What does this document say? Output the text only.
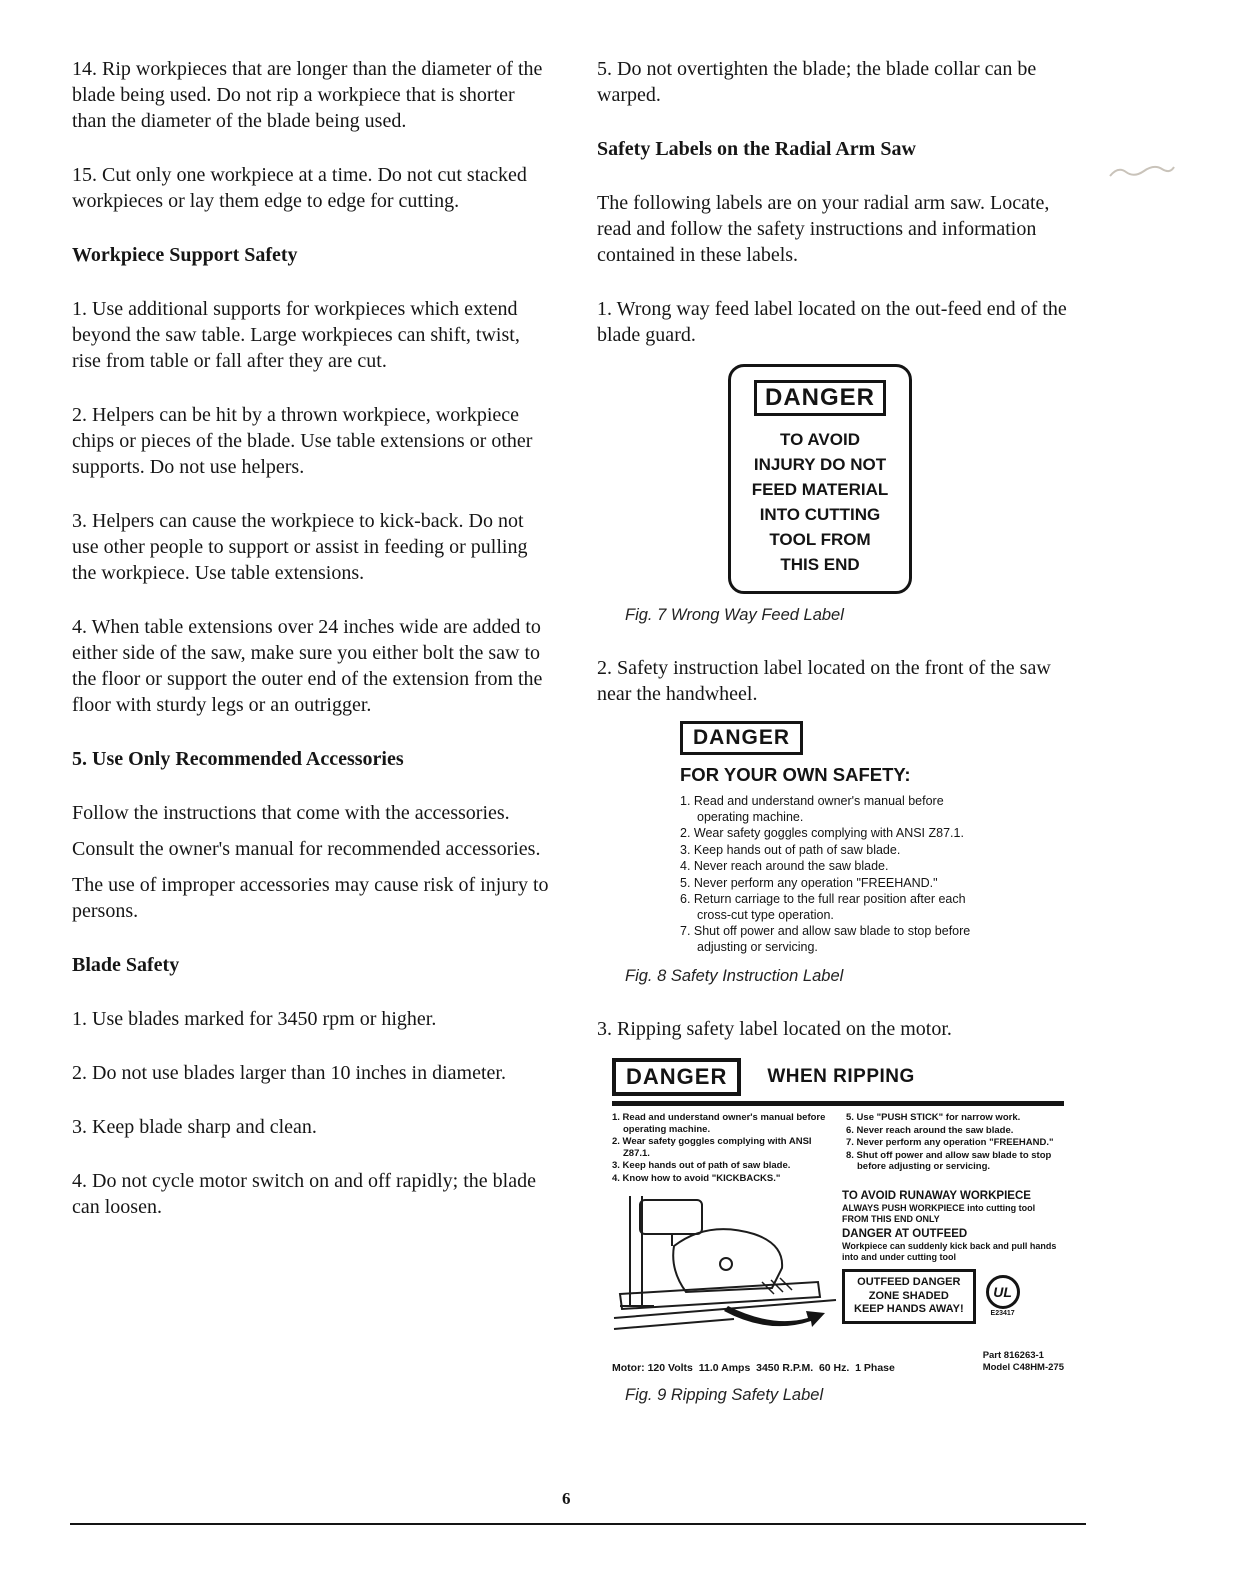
14. Rip workpieces that are longer than the diameter of the blade being used. Do not rip a workpiece that is shorter than the diameter of the blade being used.

15. Cut only one workpiece at a time. Do not cut stacked workpieces or lay them edge to edge for cutting.

Workpiece Support Safety

1. Use additional supports for workpieces which extend beyond the saw table. Large workpieces can shift, twist, rise from table or fall after they are cut.

2. Helpers can be hit by a thrown workpiece, workpiece chips or pieces of the blade. Use table extensions or other supports. Do not use helpers.

3. Helpers can cause the workpiece to kick-back. Do not use other people to support or assist in feeding or pulling the workpiece. Use table extensions.

4. When table extensions over 24 inches wide are added to either side of the saw, make sure you either bolt the saw to the floor or support the outer end of the extension from the floor with sturdy legs or an outrigger.

5. Use Only Recommended Accessories

Follow the instructions that come with the accessories.

Consult the owner's manual for recommended accessories.

The use of improper accessories may cause risk of injury to persons.

Blade Safety

1. Use blades marked for 3450 rpm or higher.

2. Do not use blades larger than 10 inches in diameter.

3. Keep blade sharp and clean.

4. Do not cycle motor switch on and off rapidly; the blade can loosen.

5. Do not overtighten the blade; the blade collar can be warped.

Safety Labels on the Radial Arm Saw

The following labels are on your radial arm saw. Locate, read and follow the safety instructions and information contained in these labels.

1. Wrong way feed label located on the out-feed end of the blade guard.

DANGER
TO AVOID
INJURY DO NOT
FEED MATERIAL
INTO CUTTING
TOOL FROM
THIS END

Fig. 7 Wrong Way Feed Label

2. Safety instruction label located on the front of the saw near the handwheel.

DANGER
FOR YOUR OWN SAFETY:
1. Read and understand owner's manual before operating machine.
2. Wear safety goggles complying with ANSI Z87.1.
3. Keep hands out of path of saw blade.
4. Never reach around the saw blade.
5. Never perform any operation "FREEHAND."
6. Return carriage to the full rear position after each cross-cut type operation.
7. Shut off power and allow saw blade to stop before adjusting or servicing.

Fig. 8 Safety Instruction Label

3. Ripping safety label located on the motor.

DANGER	WHEN RIPPING
1. Read and understand owner's manual before operating machine.
2. Wear safety goggles complying with ANSI Z87.1.
3. Keep hands out of path of saw blade.
4. Know how to avoid "KICKBACKS."
5. Use "PUSH STICK" for narrow work.
6. Never reach around the saw blade.
7. Never perform any operation "FREEHAND."
8. Shut off power and allow saw blade to stop before adjusting or servicing.
TO AVOID RUNAWAY WORKPIECE
ALWAYS PUSH WORKPIECE into cutting tool FROM THIS END ONLY
DANGER AT OUTFEED
Workpiece can suddenly kick back and pull hands into and under cutting tool
OUTFEED DANGER
ZONE SHADED
KEEP HANDS AWAY!
UL
E23417
Motor: 120 Volts  11.0 Amps  3450 R.P.M.  60 Hz.  1 Phase
Part 816263-1
Model C48HM-275

Fig. 9 Ripping Safety Label

6
